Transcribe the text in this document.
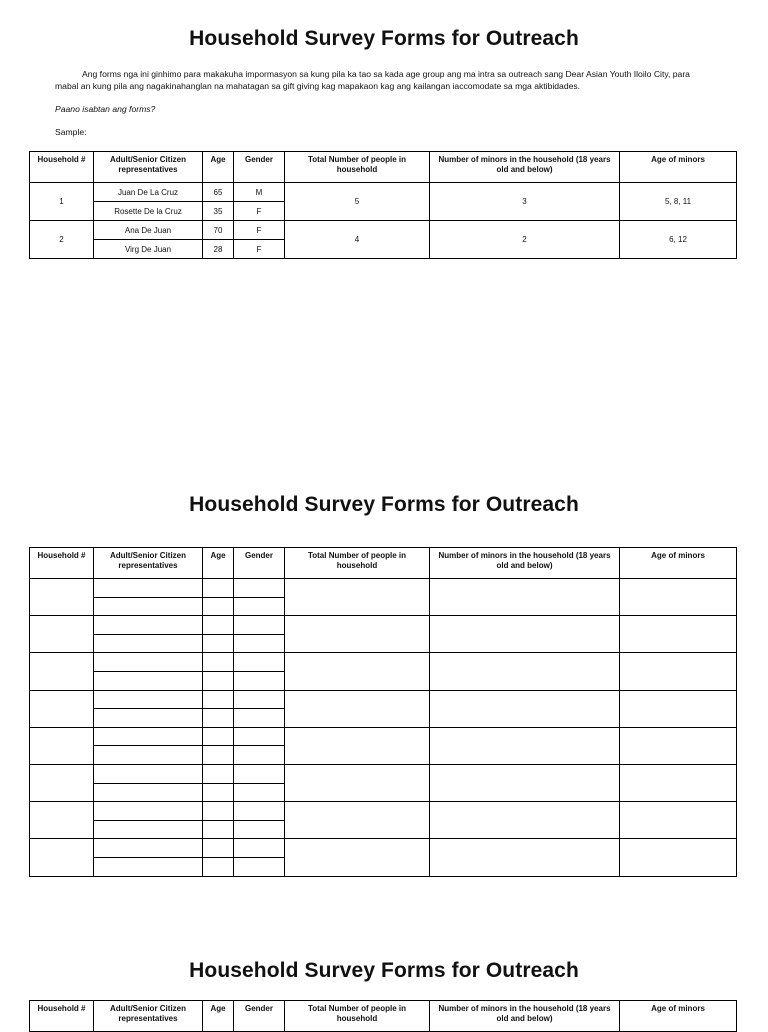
Household Survey Forms for Outreach

Ang forms nga ini ginhimo para makakuha impormasyon sa kung pila ka tao sa kada age group ang ma intra sa outreach sang Dear Asian Youth Iloilo City, para mabal an kung pila ang nagakinahanglan na mahatagan sa gift giving kag mapakaon kag ang kailangan iaccomodate sa mga aktibidades.

Paano isabtan ang forms?

Sample:

Household #	Adult/Senior Citizen representatives	Age	Gender	Total Number of people in household	Number of minors in the household (18 years old and below)	Age of minors
1	Juan De La Cruz	65	M	5	3	5, 8, 11
	Rosette De la Cruz	35	F			
2	Ana De Juan	70	F	4	2	6, 12
	Virg De Juan	28	F			
Household Survey Forms for Outreach
Household #	Adult/Senior Citizen representatives	Age	Gender	Total Number of people in household	Number of minors in the household (18 years old and below)	Age of minors

Household Survey Forms for Outreach
Household #	Adult/Senior Citizen representatives	Age	Gender	Total Number of people in household	Number of minors in the household (18 years old and below)	Age of minors
